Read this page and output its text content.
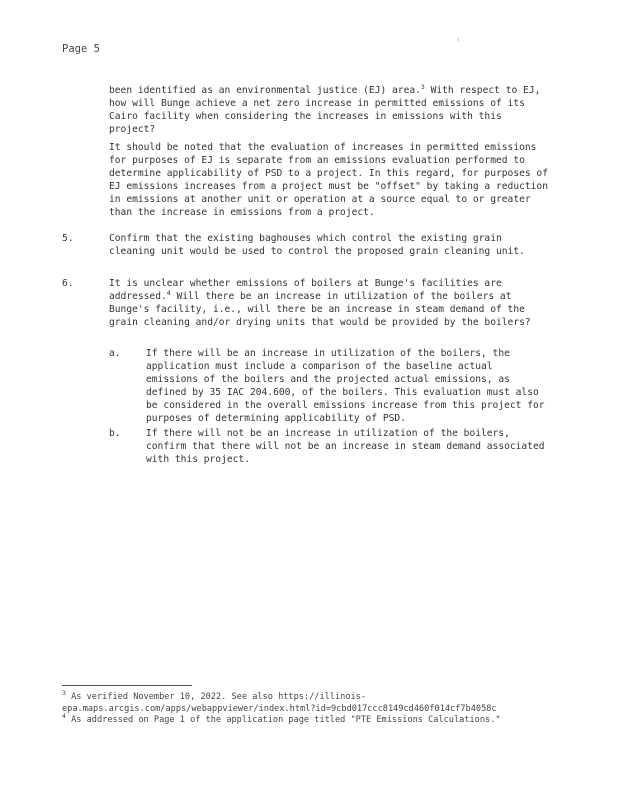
Page 5

been identified as an environmental justice (EJ) area.$^3$ With respect to EJ, how will Bunge achieve a net zero increase in permitted emissions of its Cairo facility when considering the increases in emissions with this project?

It should be noted that the evaluation of increases in permitted emissions for purposes of EJ is separate from an emissions evaluation performed to determine applicability of PSD to a project. In this regard, for purposes of EJ emissions increases from a project must be "offset" by taking a reduction in emissions at another unit or operation at a source equal to or greater than the increase in emissions from a project.

5.	Confirm that the existing baghouses which control the existing grain cleaning unit would be used to control the proposed grain cleaning unit.

6.	It is unclear whether emissions of boilers at Bunge's facilities are addressed.$^4$ Will there be an increase in utilization of the boilers at Bunge's facility, i.e., will there be an increase in steam demand of the grain cleaning and/or drying units that would be provided by the boilers?

a.	If there will be an increase in utilization of the boilers, the application must include a comparison of the baseline actual emissions of the boilers and the projected actual emissions, as defined by 35 IAC 204.600, of the boilers. This evaluation must also be considered in the overall emissions increase from this project for purposes of determining applicability of PSD.

b.	If there will not be an increase in utilization of the boilers, confirm that there will not be an increase in steam demand associated with this project.

$^3$ As verified November 10, 2022. See also https://illinois-epa.maps.arcgis.com/apps/webappviewer/index.html?id=9cbd017ccc8149cd460f014cf7b4058c
$^4$ As addressed on Page 1 of the application page titled "PTE Emissions Calculations."
